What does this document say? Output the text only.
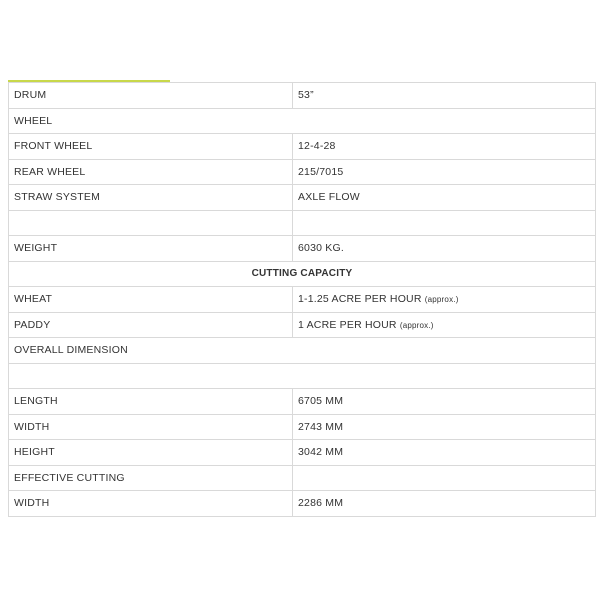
DRUM	53”
WHEEL	
FRONT WHEEL	12-4-28
REAR WHEEL	215/7015
STRAW SYSTEM	AXLE FLOW

WEIGHT	6030 KG.
CUTTING CAPACITY	
WHEAT	1-1.25 ACRE PER HOUR (approx.)
PADDY	1 ACRE PER HOUR (approx.)
OVERALL DIMENSION	

LENGTH	6705 MM
WIDTH	2743 MM
HEIGHT	3042 MM
EFFECTIVE CUTTING	
WIDTH	2286 MM
